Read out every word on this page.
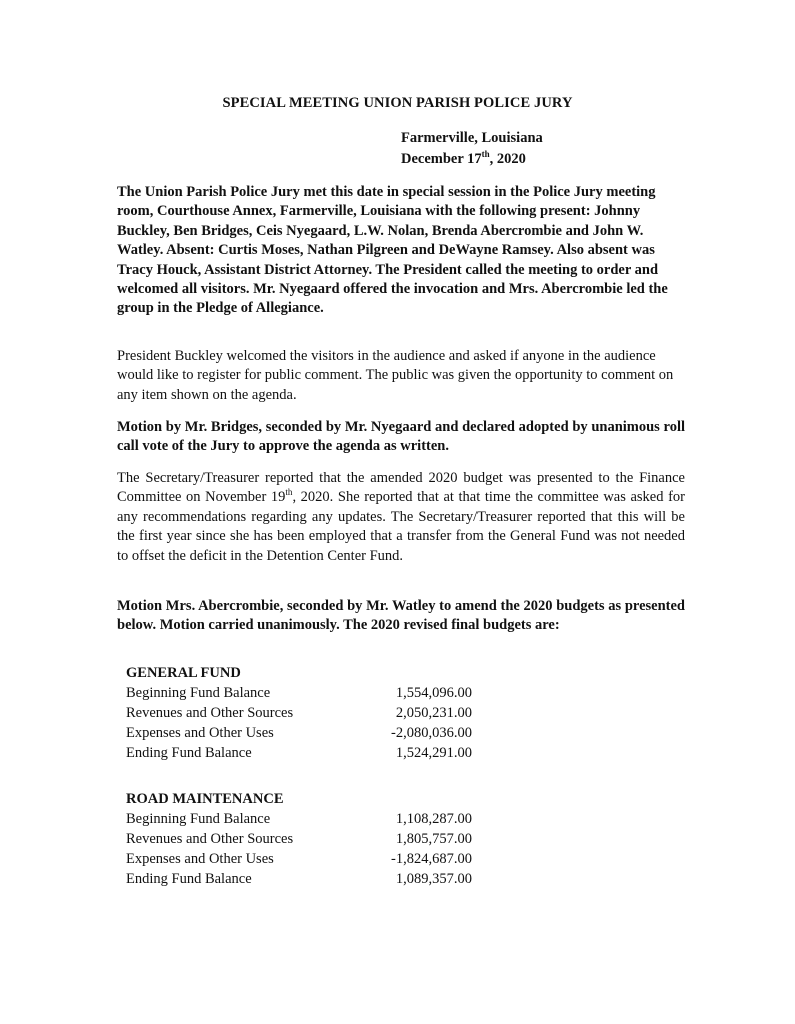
SPECIAL MEETING UNION PARISH POLICE JURY
Farmerville, Louisiana
December 17th, 2020

The Union Parish Police Jury met this date in special session in the Police Jury meeting room, Courthouse Annex, Farmerville, Louisiana with the following present: Johnny Buckley, Ben Bridges, Ceis Nyegaard, L.W. Nolan, Brenda Abercrombie and John W. Watley. Absent: Curtis Moses, Nathan Pilgreen and DeWayne Ramsey. Also absent was Tracy Houck, Assistant District Attorney. The President called the meeting to order and welcomed all visitors. Mr. Nyegaard offered the invocation and Mrs. Abercrombie led the group in the Pledge of Allegiance.

President Buckley welcomed the visitors in the audience and asked if anyone in the audience would like to register for public comment. The public was given the opportunity to comment on any item shown on the agenda.

Motion by Mr. Bridges, seconded by Mr. Nyegaard and declared adopted by unanimous roll call vote of the Jury to approve the agenda as written.

The Secretary/Treasurer reported that the amended 2020 budget was presented to the Finance Committee on November 19th, 2020. She reported that at that time the committee was asked for any recommendations regarding any updates. The Secretary/Treasurer reported that this will be the first year since she has been employed that a transfer from the General Fund was not needed to offset the deficit in the Detention Center Fund.

Motion Mrs. Abercrombie, seconded by Mr. Watley to amend the 2020 budgets as presented below. Motion carried unanimously. The 2020 revised final budgets are:

GENERAL FUND
Beginning Fund Balance	1,554,096.00
Revenues and Other Sources	2,050,231.00
Expenses and Other Uses	-2,080,036.00
Ending Fund Balance	1,524,291.00
ROAD MAINTENANCE
Beginning Fund Balance	1,108,287.00
Revenues and Other Sources	1,805,757.00
Expenses and Other Uses	-1,824,687.00
Ending Fund Balance	1,089,357.00
